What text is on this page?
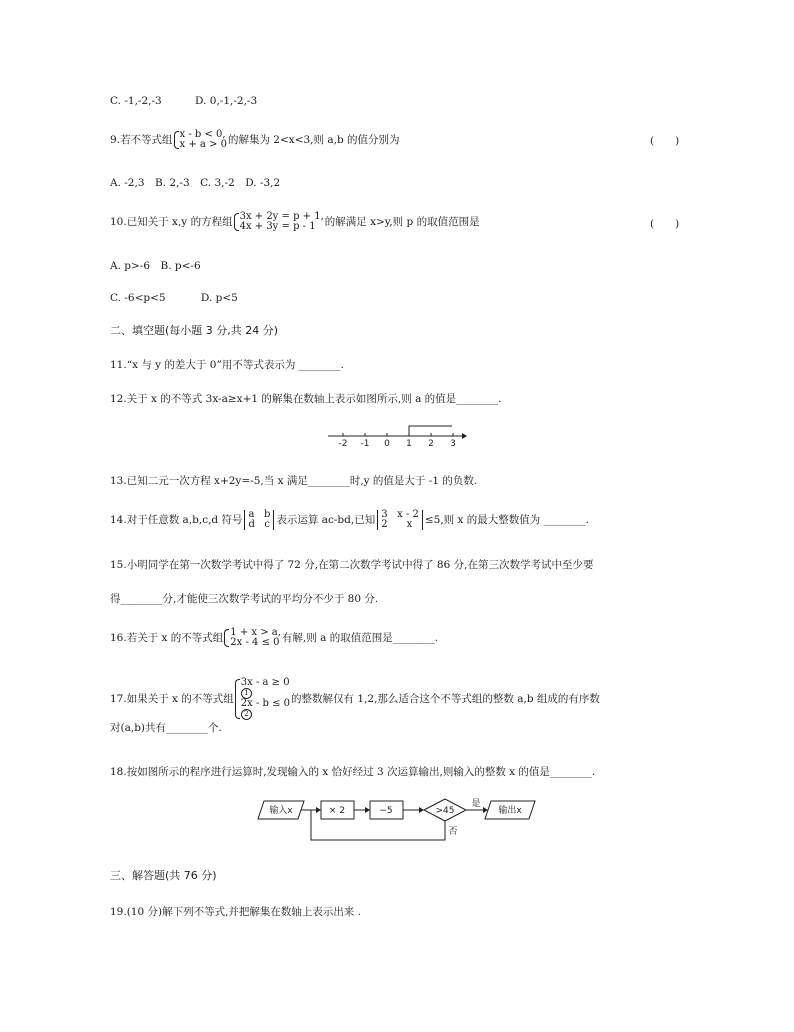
C. -1,-2,-3	D. 0,-1,-2,-3
9.若不等式组 x - b < 0,
x + a > 0 的解集为 2<x<3,则 a,b 的值分别为	(　　)
A. -2,3　B. 2,-3　C. 3,-2　D. -3,2
10.已知关于 x,y 的方程组 3x + 2y = p + 1,
4x + 3y = p - 1 的解满足 x>y,则 p 的取值范围是	(　　)
A. p>-6　B. p<-6
C. -6<p<5	D. p<5
二、填空题(每小题 3 分,共 24 分)
11.“x 与 y 的差大于 0”用不等式表示为 ________.
12.关于 x 的不等式 3x-a≥x+1 的解集在数轴上表示如图所示,则 a 的值是________.
-2 -1 0 1 2 3
13.已知二元一次方程 x+2y=-5,当 x 满足________时,y 的值是大于 -1 的负数.
14.对于任意数 a,b,c,d 符号 a   b
d   c 表示运算 ac-bd,已知 3   x - 2
2      x	≤5,则 x 的最大整数值为 ________.
15.小明同学在第一次数学考试中得了 72 分,在第二次数学考试中得了 86 分,在第三次数学考试中至少要
得________分,才能使三次数学考试的平均分不少于 80 分.
16.若关于 x 的不等式组 1 + x > a,
2x - 4 ≤ 0 有解,则 a 的取值范围是________.
17.如果关于 x 的不等式组
3x - a ≥ 0
1
2x - b ≤ 0
2
的整数解仅有 1,2,那么适合这个不等式组的整数 a,b 组成的有序数
对(a,b)共有________个.
18.按如图所示的程序进行运算时,发现输入的 x 恰好经过 3 次运算输出,则输入的整数 x 的值是________.
输入x	× 2	−5	>45
是
否
输出x
三、解答题(共 76 分)
19.(10 分)解下列不等式,并把解集在数轴上表示出来 .
